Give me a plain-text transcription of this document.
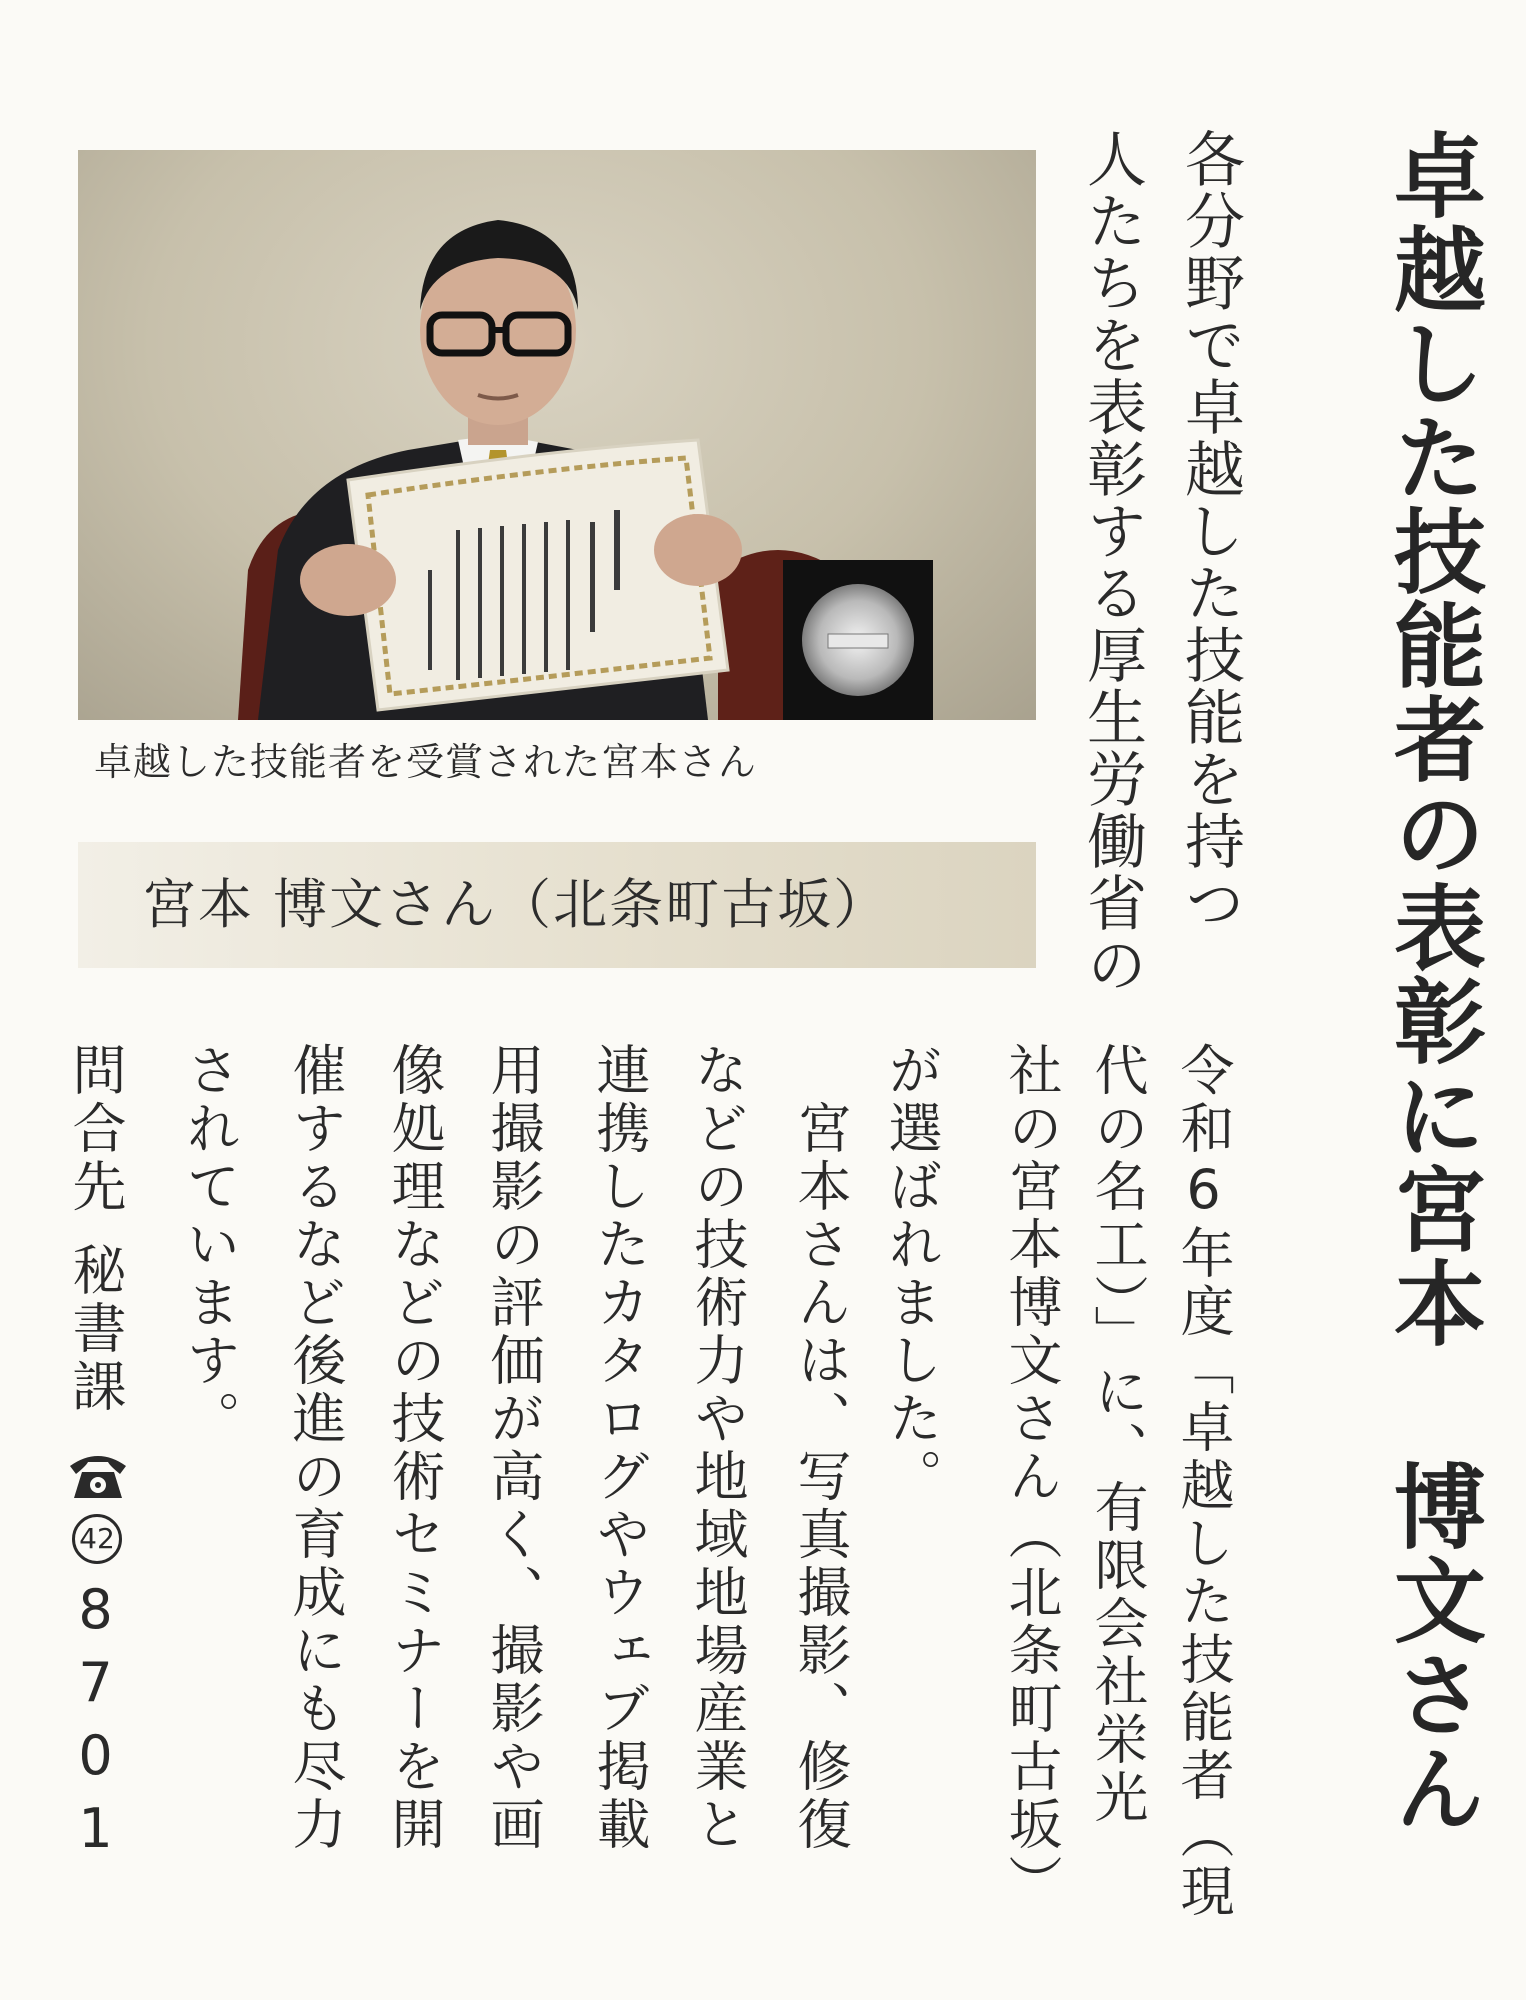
卓越した技能者の表彰に宮本 博文さん

各分野で卓越した技能を持つ

人たちを表彰する厚生労働省の

卓越した技能者を受賞された宮本さん

宮本 博文さん（北条町古坂）

令和6年度「卓越した技能者（現

代の名工）」に、有限会社栄光

社の宮本博文さん（北条町古坂）

が選ばれました。

　宮本さんは、写真撮影、修復

などの技術力や地域地場産業と

連携したカタログやウェブ掲載

用撮影の評価が高く、撮影や画

像処理などの技術セミナーを開

催するなど後進の育成にも尽力

されています。

問合先秘書課

42

8701
